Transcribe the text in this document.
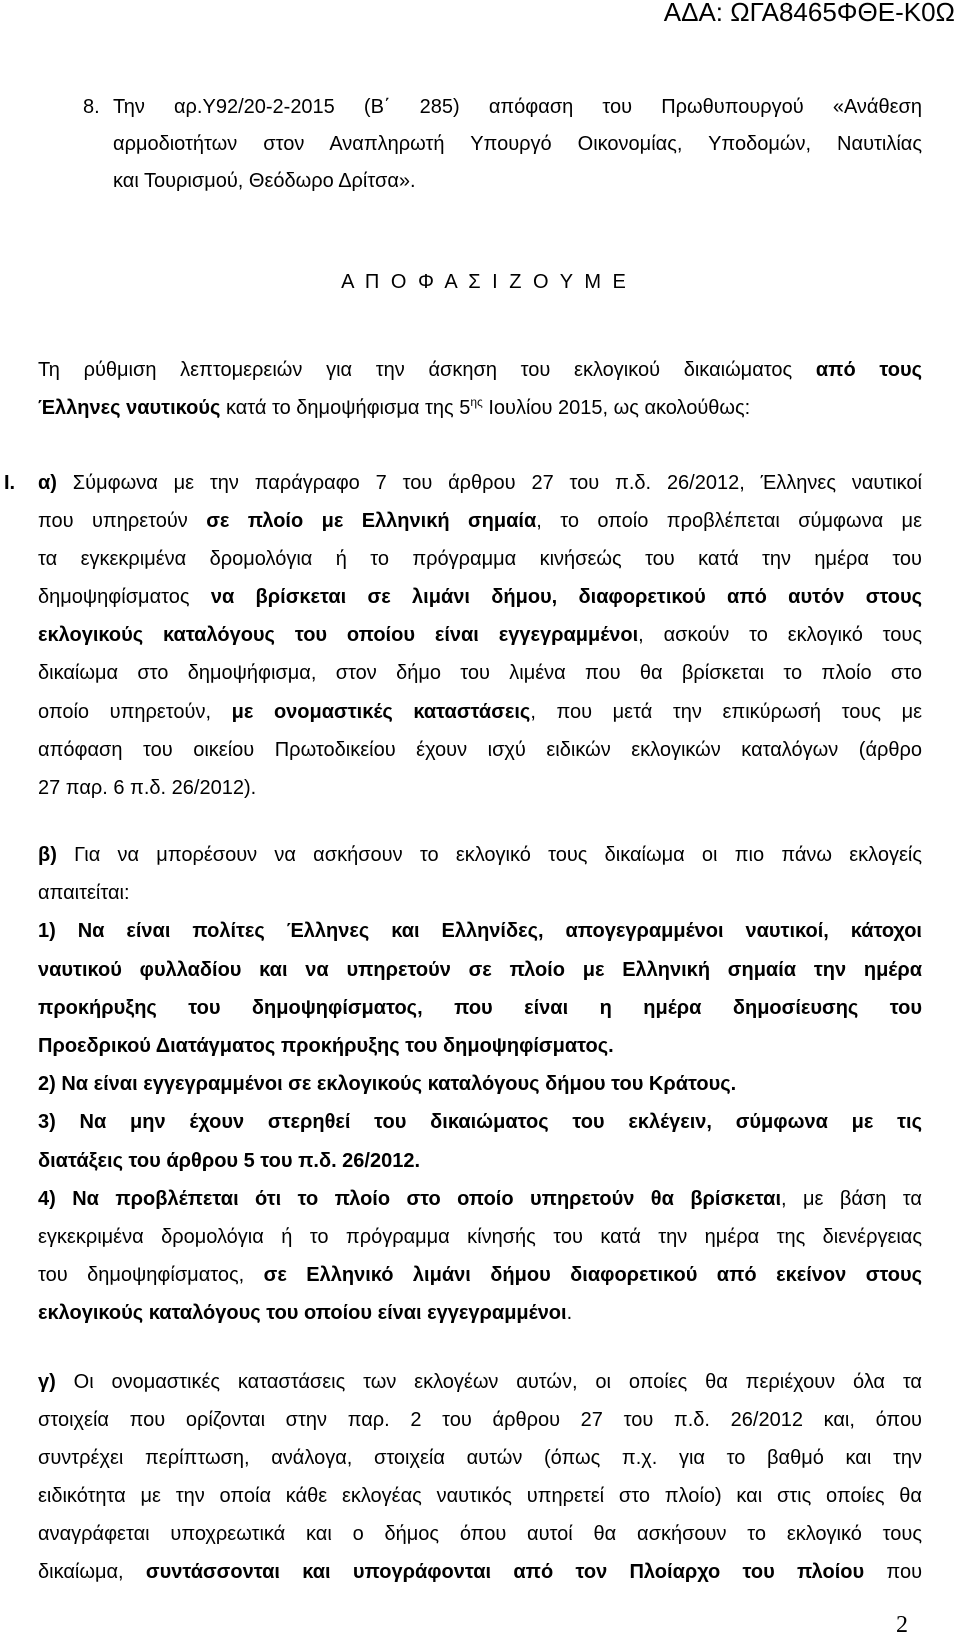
ΑΔΑ: ΩΓΑ8465ΦΘΕ-Κ0Ω
8. Την αρ.Υ92/20-2-2015 (Β΄ 285) απόφαση του Πρωθυπουργού «Ανάθεση
αρμοδιοτήτων στον Αναπληρωτή Υπουργό Οικονομίας, Υποδομών, Ναυτιλίας
και Τουρισμού, Θεόδωρο Δρίτσα».
Α Π Ο Φ Α Σ Ι Ζ Ο Υ Μ Ε
Τη ρύθμιση λεπτομερειών για την άσκηση του εκλογικού δικαιώματος από τους
Έλληνες ναυτικούς κατά το δημοψήφισμα της $5^{\eta\varsigma}$ Ιουλίου 2015, ως ακολούθως:
Ι. α) Σύμφωνα με την παράγραφο 7 του άρθρου 27 του π.δ. 26/2012, Έλληνες ναυτικοί
που υπηρετούν σε πλοίο με Ελληνική σημαία, το οποίο προβλέπεται σύμφωνα με
τα εγκεκριμένα δρομολόγια ή το πρόγραμμα κινήσεώς του κατά την ημέρα του
δημοψηφίσματος να βρίσκεται σε λιμάνι δήμου, διαφορετικού από αυτόν στους
εκλογικούς καταλόγους του οποίου είναι εγγεγραμμένοι, ασκούν το εκλογικό τους
δικαίωμα στο δημοψήφισμα, στον δήμο του λιμένα που θα βρίσκεται το πλοίο στο
οποίο υπηρετούν, με ονομαστικές καταστάσεις, που μετά την επικύρωσή τους με
απόφαση του οικείου Πρωτοδικείου έχουν ισχύ ειδικών εκλογικών καταλόγων (άρθρο
27 παρ. 6 π.δ. 26/2012).
β) Για να μπορέσουν να ασκήσουν το εκλογικό τους δικαίωμα οι πιο πάνω εκλογείς
απαιτείται:
1) Να είναι πολίτες Έλληνες και Ελληνίδες, απογεγραμμένοι ναυτικοί, κάτοχοι
ναυτικού φυλλαδίου και να υπηρετούν σε πλοίο με Ελληνική σημαία την ημέρα
προκήρυξης του δημοψηφίσματος, που είναι η ημέρα δημοσίευσης του
Προεδρικού Διατάγματος προκήρυξης του δημοψηφίσματος.
2) Να είναι εγγεγραμμένοι σε εκλογικούς καταλόγους δήμου του Κράτους.
3) Να μην έχουν στερηθεί του δικαιώματος του εκλέγειν, σύμφωνα με τις
διατάξεις του άρθρου 5 του π.δ. 26/2012.
4) Να προβλέπεται ότι το πλοίο στο οποίο υπηρετούν θα βρίσκεται, με βάση τα
εγκεκριμένα δρομολόγια ή το πρόγραμμα κίνησής του κατά την ημέρα της διενέργειας
του δημοψηφίσματος, σε Ελληνικό λιμάνι δήμου διαφορετικού από εκείνον στους
εκλογικούς καταλόγους του οποίου είναι εγγεγραμμένοι.
γ) Οι ονομαστικές καταστάσεις των εκλογέων αυτών, οι οποίες θα περιέχουν όλα τα
στοιχεία που ορίζονται στην παρ. 2 του άρθρου 27 του π.δ. 26/2012 και, όπου
συντρέχει περίπτωση, ανάλογα, στοιχεία αυτών (όπως π.χ. για το βαθμό και την
ειδικότητα με την οποία κάθε εκλογέας ναυτικός υπηρετεί στο πλοίο) και στις οποίες θα
αναγράφεται υποχρεωτικά και ο δήμος όπου αυτοί θα ασκήσουν το εκλογικό τους
δικαίωμα, συντάσσονται και υπογράφονται από τον Πλοίαρχο του πλοίου που
2
